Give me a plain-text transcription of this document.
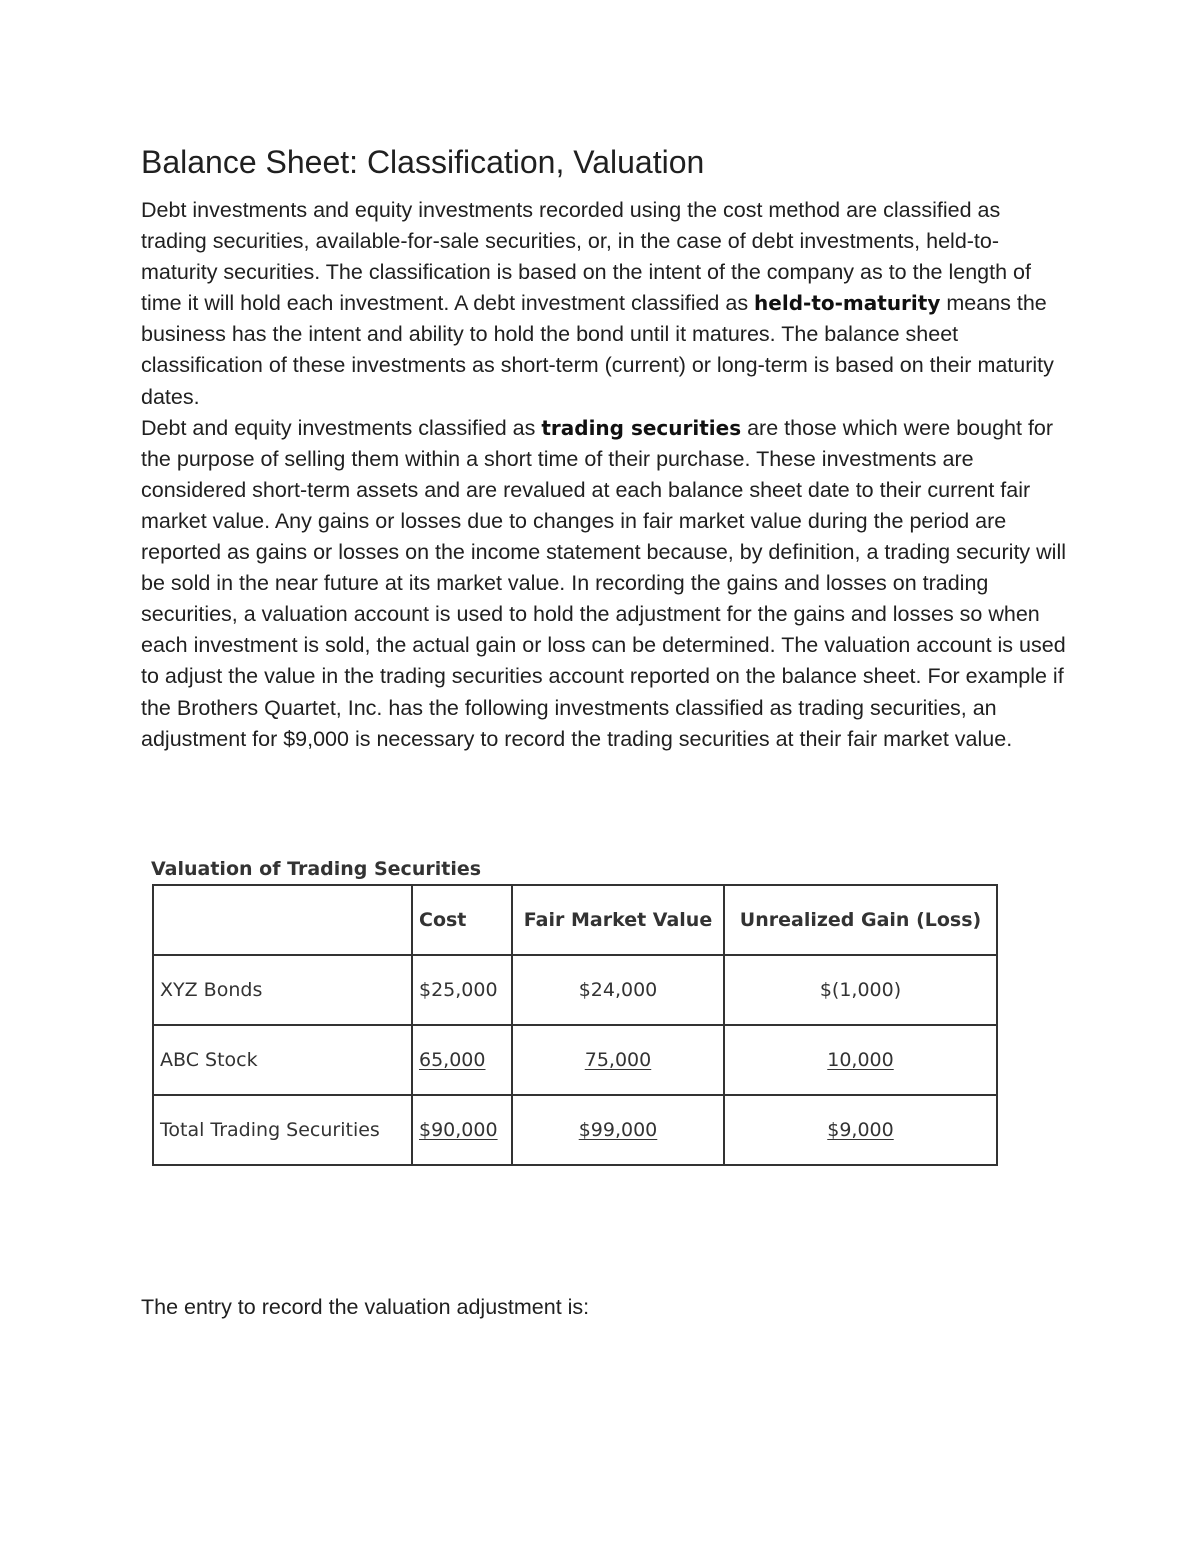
Balance Sheet: Classification, Valuation

Debt investments and equity investments recorded using the cost method are classified as trading securities, available-for-sale securities, or, in the case of debt investments, held-to-maturity securities. The classification is based on the intent of the company as to the length of time it will hold each investment. A debt investment classified as held-to-maturity means the business has the intent and ability to hold the bond until it matures. The balance sheet classification of these investments as short-term (current) or long-term is based on their maturity dates.

Debt and equity investments classified as trading securities are those which were bought for the purpose of selling them within a short time of their purchase. These investments are considered short-term assets and are revalued at each balance sheet date to their current fair market value. Any gains or losses due to changes in fair market value during the period are reported as gains or losses on the income statement because, by definition, a trading security will be sold in the near future at its market value. In recording the gains and losses on trading securities, a valuation account is used to hold the adjustment for the gains and losses so when each investment is sold, the actual gain or loss can be determined. The valuation account is used to adjust the value in the trading securities account reported on the balance sheet. For example if the Brothers Quartet, Inc. has the following investments classified as trading securities, an adjustment for $9,000 is necessary to record the trading securities at their fair market value.

Valuation of Trading Securities
	Cost	Fair Market Value	Unrealized Gain (Loss)
XYZ Bonds	$25,000	$24,000	$(1,000)
ABC Stock	65,000	75,000	10,000
Total Trading Securities	$90,000	$99,000	$9,000

The entry to record the valuation adjustment is:
